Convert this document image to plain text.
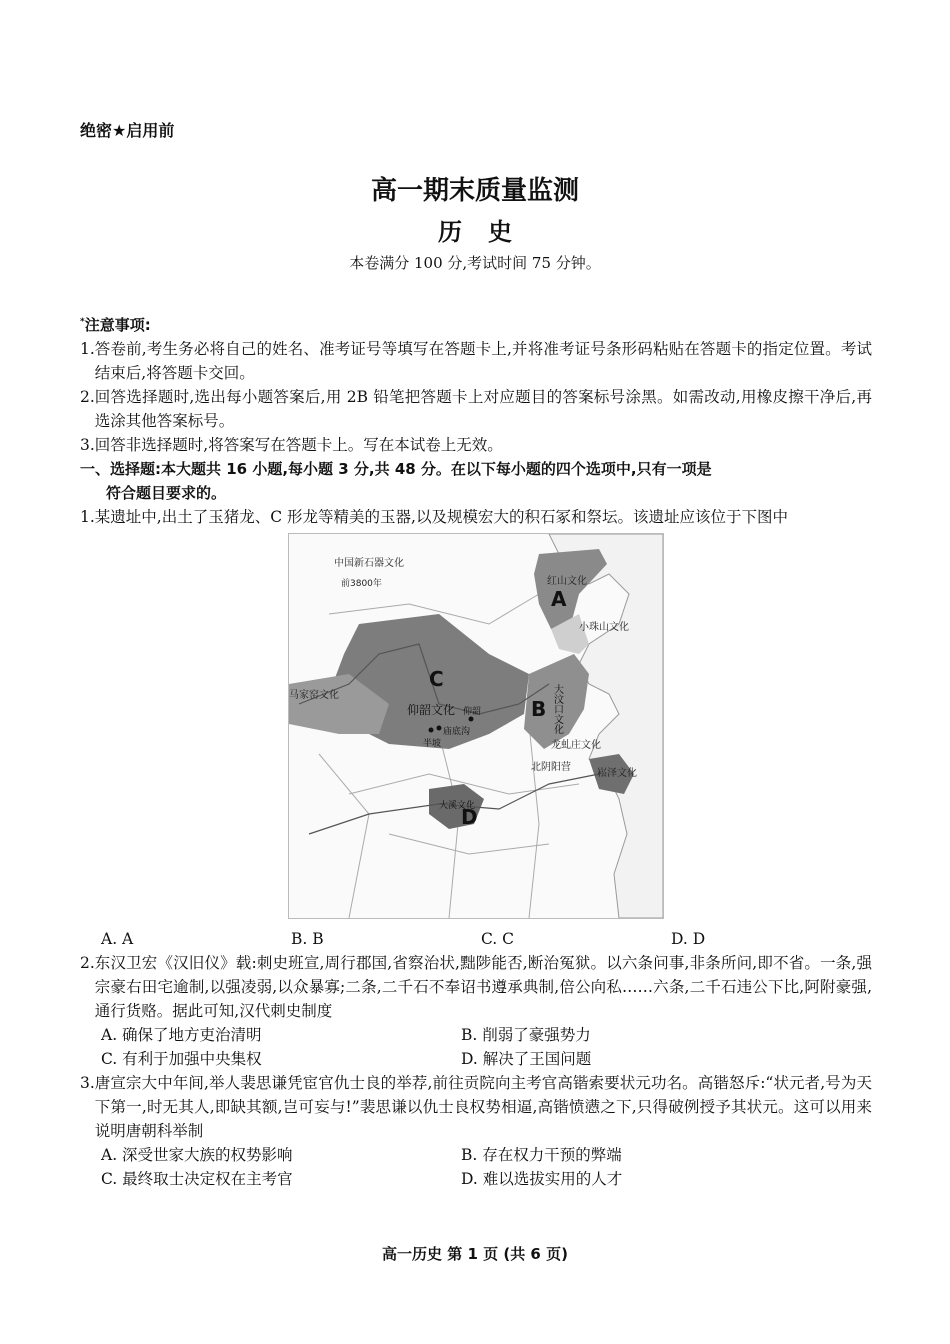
绝密★启用前
高一期末质量监测
历史
本卷满分 100 分,考试时间 75 分钟。
*注意事项:
1. 答卷前,考生务必将自己的姓名、准考证号等填写在答题卡上,并将准考证号条形码粘贴在答题卡的指定位置。考试结束后,将答题卡交回。
2. 回答选择题时,选出每小题答案后,用 2B 铅笔把答题卡上对应题目的答案标号涂黑。如需改动,用橡皮擦干净后,再选涂其他答案标号。
3. 回答非选择题时,将答案写在答题卡上。写在本试卷上无效。
一、选择题:本大题共 16 小题,每小题 3 分,共 48 分。在以下每小题的四个选项中,只有一项是
符合题目要求的。
1. 某遗址中,出土了玉猪龙、C 形龙等精美的玉器,以及规模宏大的积石冢和祭坛。该遗址应该位于下图中
中国新石器文化
前3800年	红山文化
小珠山文化
马家窑文化
仰韶文化 仰韶
庙底沟
半坡	龙虬庄文化
北阴阳营
崧泽文化
大溪文化
大汶口文化
A
B
C
D
A. A	B. B	C. C	D. D
2. 东汉卫宏《汉旧仪》载:刺史班宣,周行郡国,省察治状,黜陟能否,断治冤狱。以六条问事,非条所问,即不省。一条,强宗豪右田宅逾制,以强凌弱,以众暴寡;二条,二千石不奉诏书遵承典制,倍公向私……六条,二千石违公下比,阿附豪强,通行货赂。据此可知,汉代刺史制度
A. 确保了地方吏治清明	B. 削弱了豪强势力
C. 有利于加强中央集权	D. 解决了王国问题
3. 唐宣宗大中年间,举人裴思谦凭宦官仇士良的举荐,前往贡院向主考官高锴索要状元功名。高锴怒斥:“状元者,号为天下第一,时无其人,即缺其额,岂可妄与!”裴思谦以仇士良权势相逼,高锴愤懑之下,只得破例授予其状元。这可以用来说明唐朝科举制
A. 深受世家大族的权势影响	B. 存在权力干预的弊端
C. 最终取士决定权在主考官	D. 难以选拔实用的人才
高一历史 第 1 页 (共 6 页)
